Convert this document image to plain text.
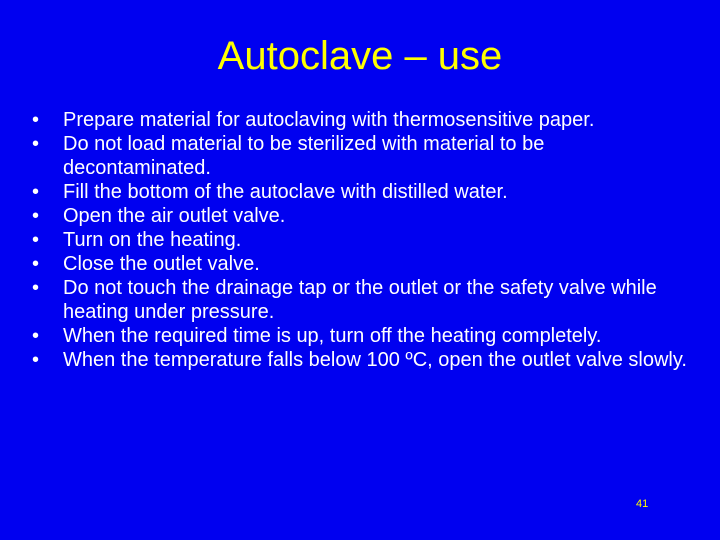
Autoclave – use
•	Prepare material for autoclaving with thermosensitive paper.
•	Do not load material to be sterilized with material to be decontaminated.
•	Fill the bottom of the autoclave with distilled water.
•	Open the air outlet valve.
•	Turn on the heating.
•	Close the outlet valve.
•	Do not touch the drainage tap or the outlet or the safety valve while heating under pressure.
•	When the required time is up, turn off the heating completely.
•	When the temperature falls below 100 ºC, open the outlet valve slowly.
41
